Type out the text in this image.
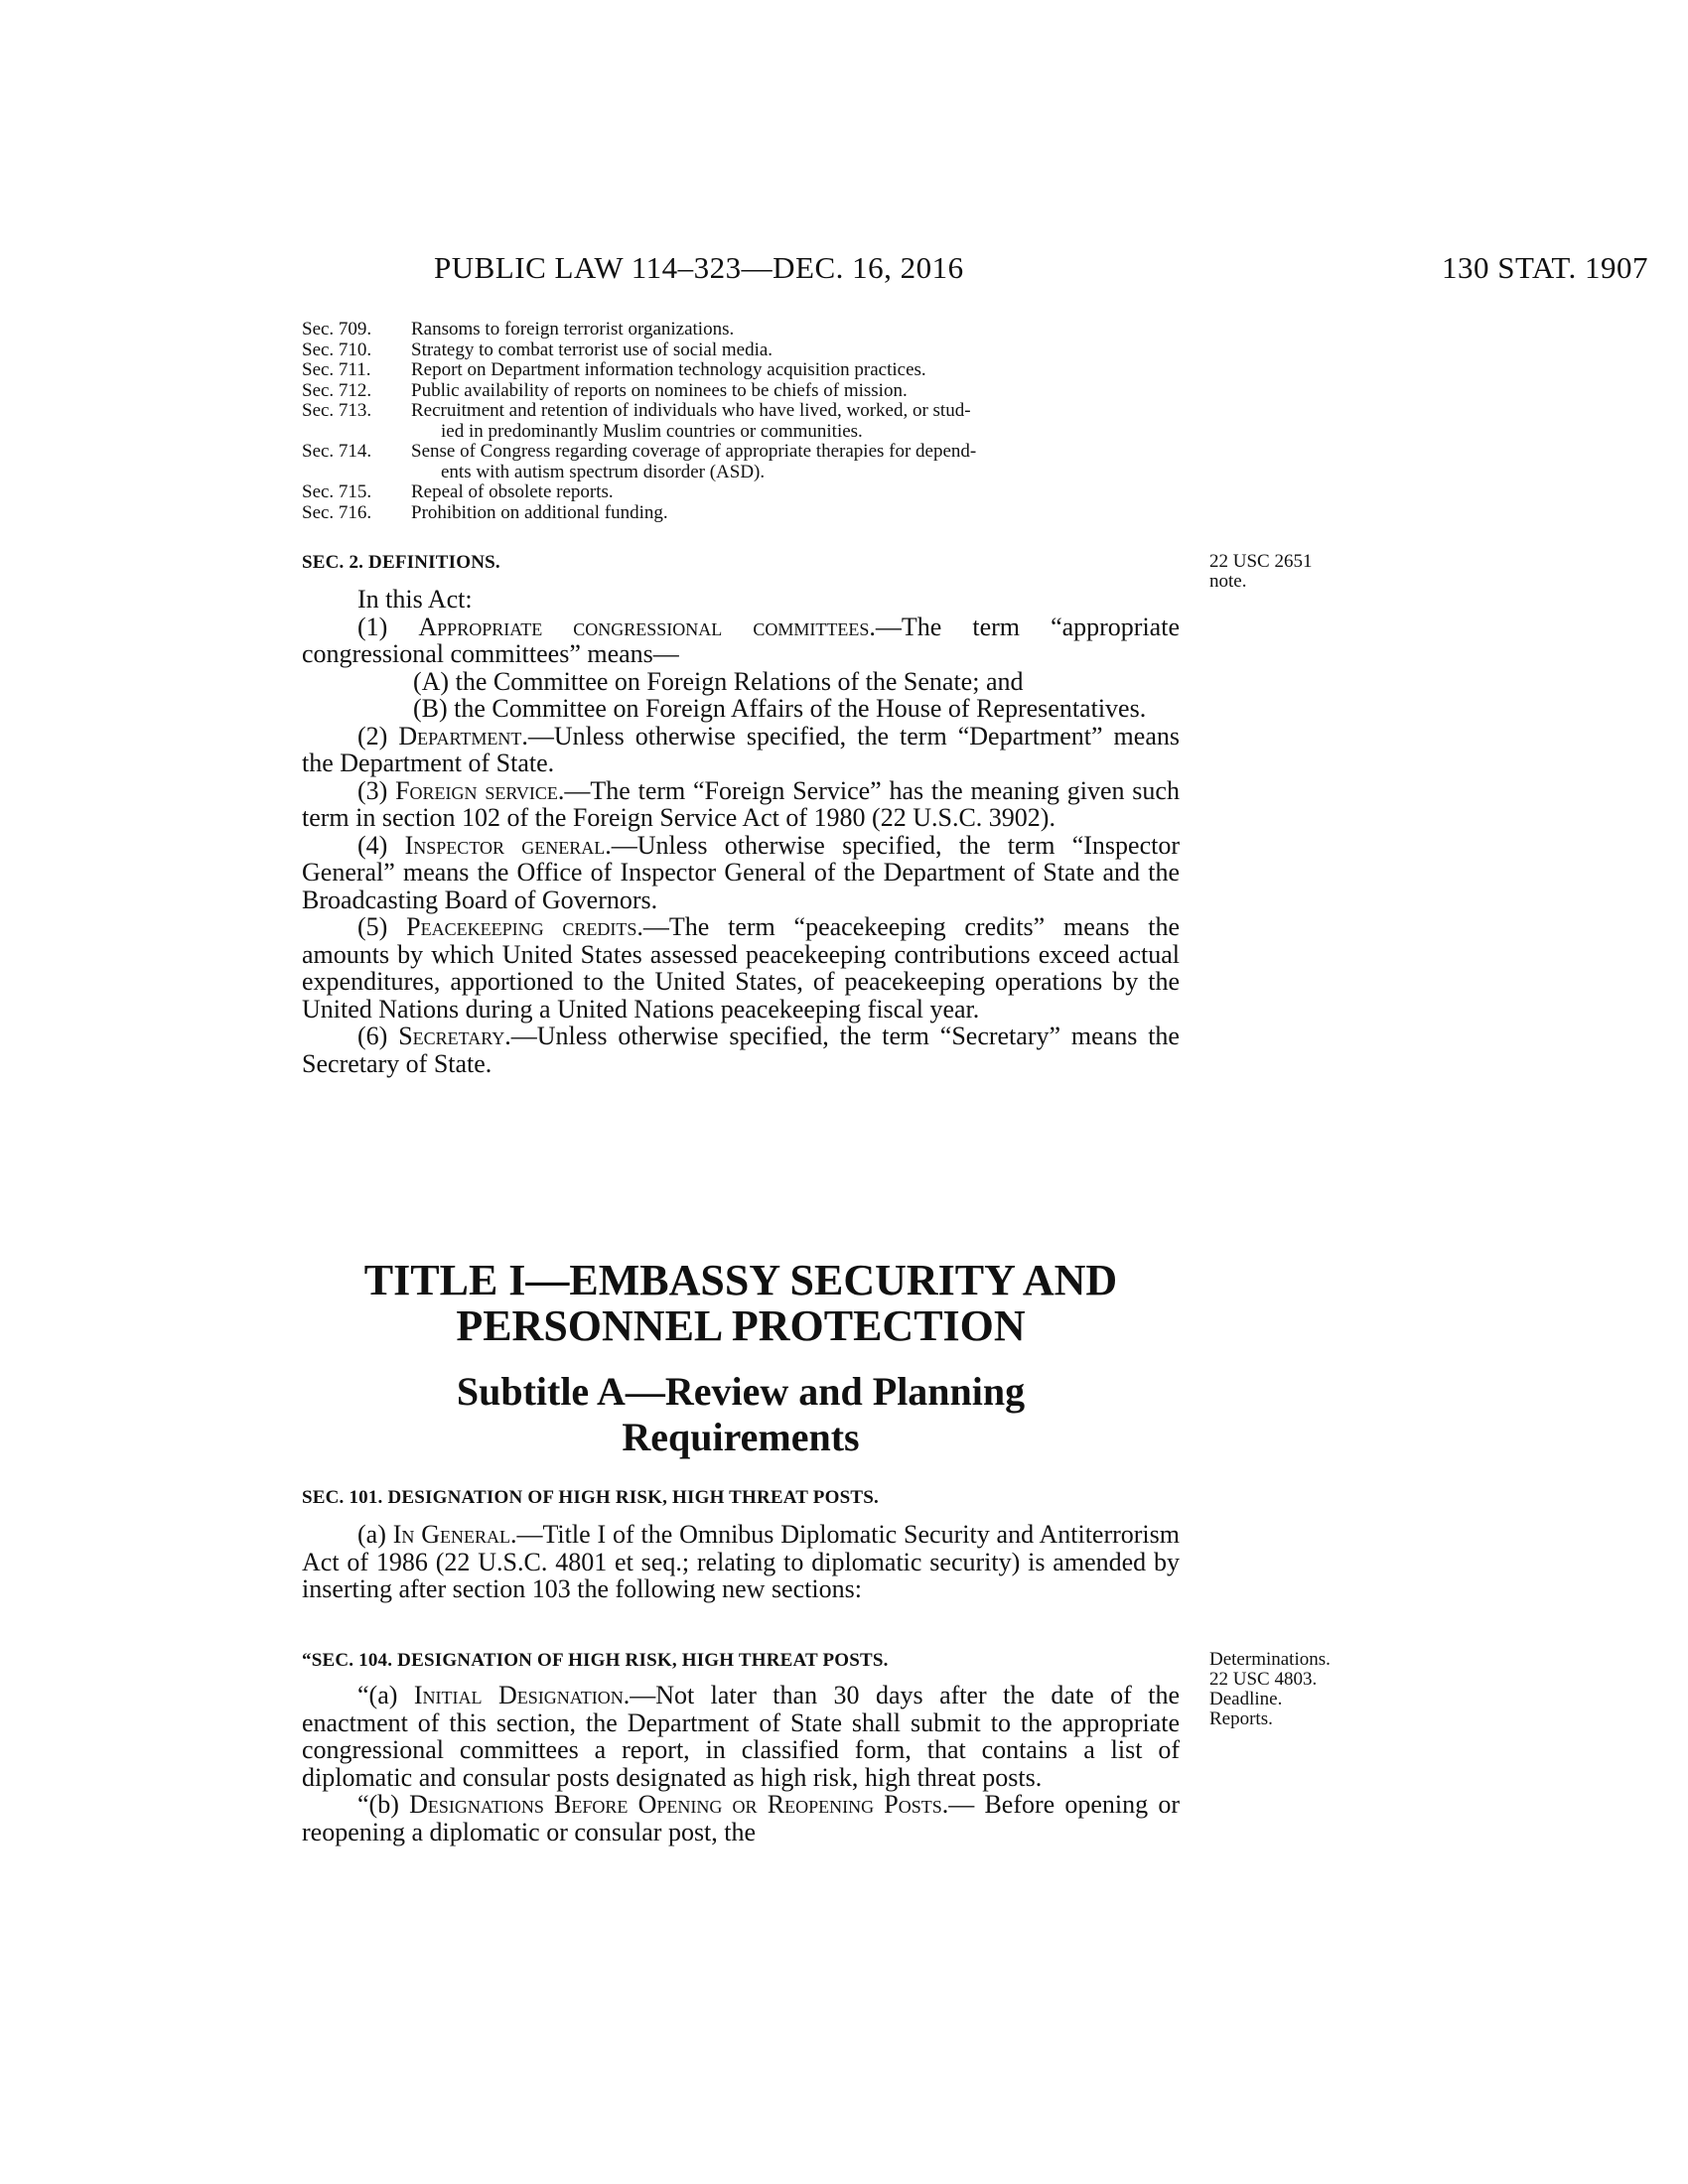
PUBLIC LAW 114–323—DEC. 16, 2016	130 STAT. 1907
Sec. 709.	Ransoms to foreign terrorist organizations.
Sec. 710.	Strategy to combat terrorist use of social media.
Sec. 711.	Report on Department information technology acquisition practices.
Sec. 712.	Public availability of reports on nominees to be chiefs of mission.
Sec. 713.	Recruitment and retention of individuals who have lived, worked, or stud-
ied in predominantly Muslim countries or communities.
Sec. 714.	Sense of Congress regarding coverage of appropriate therapies for depend-
ents with autism spectrum disorder (ASD).
Sec. 715.	Repeal of obsolete reports.
Sec. 716.	Prohibition on additional funding.
SEC. 2. DEFINITIONS.	22 USC 2651
note.

In this Act:

(1) Appropriate congressional committees.—The term “appropriate congressional committees” means—

(A) the Committee on Foreign Relations of the Senate; and

(B) the Committee on Foreign Affairs of the House of Representatives.

(2) Department.—Unless otherwise specified, the term “Department” means the Department of State.

(3) Foreign service.—The term “Foreign Service” has the meaning given such term in section 102 of the Foreign Service Act of 1980 (22 U.S.C. 3902).

(4) Inspector general.—Unless otherwise specified, the term “Inspector General” means the Office of Inspector General of the Department of State and the Broadcasting Board of Governors.

(5) Peacekeeping credits.—The term “peacekeeping credits” means the amounts by which United States assessed peacekeeping contributions exceed actual expenditures, apportioned to the United States, of peacekeeping operations by the United Nations during a United Nations peacekeeping fiscal year.

(6) Secretary.—Unless otherwise specified, the term “Secretary” means the Secretary of State.

TITLE I—EMBASSY SECURITY AND
PERSONNEL PROTECTION
Subtitle A—Review and Planning
Requirements
SEC. 101. DESIGNATION OF HIGH RISK, HIGH THREAT POSTS.

(a) In General.—Title I of the Omnibus Diplomatic Security and Antiterrorism Act of 1986 (22 U.S.C. 4801 et seq.; relating to diplomatic security) is amended by inserting after section 103 the following new sections:

“SEC. 104. DESIGNATION OF HIGH RISK, HIGH THREAT POSTS.	Determinations.
22 USC 4803.
Deadline.
Reports.

“(a) Initial Designation.—Not later than 30 days after the date of the enactment of this section, the Department of State shall submit to the appropriate congressional committees a report, in classified form, that contains a list of diplomatic and consular posts designated as high risk, high threat posts.

“(b) Designations Before Opening or Reopening Posts.— Before opening or reopening a diplomatic or consular post, the
